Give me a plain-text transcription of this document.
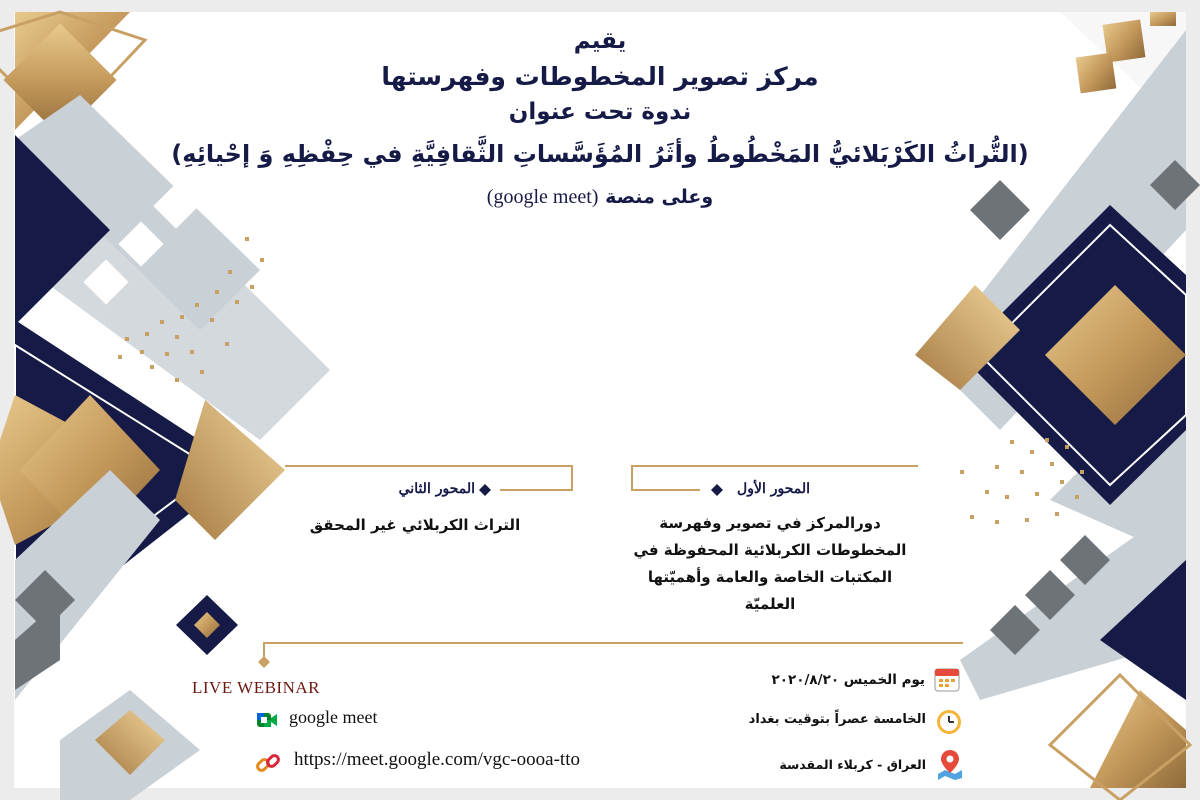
يقيم
مركز تصوير المخطوطات وفهرستها
ندوة تحت عنوان
(التُّراثُ الكَرْبَلائيُّ المَخْطُوطُ وأثَرُ المُؤَسَّساتِ الثَّقافِيَّةِ في حِفْظِهِ وَ إحْيائِهِ)
وعلى منصة (google meet)
المحور الأول
دورالمركز في تصوير وفهرسة المخطوطات الكربلائية المحفوظة في المكتبات الخاصة والعامة وأهميّتها العلميّة
المحور الثاني
التراث الكربلائي غير المحقق
LIVE WEBINAR
google meet
https://meet.google.com/vgc-oooa-tto
يوم الخميس ٢٠٢٠/٨/٢٠
الخامسة عصراً بتوقيت بغداد
العراق - كربلاء المقدسة
